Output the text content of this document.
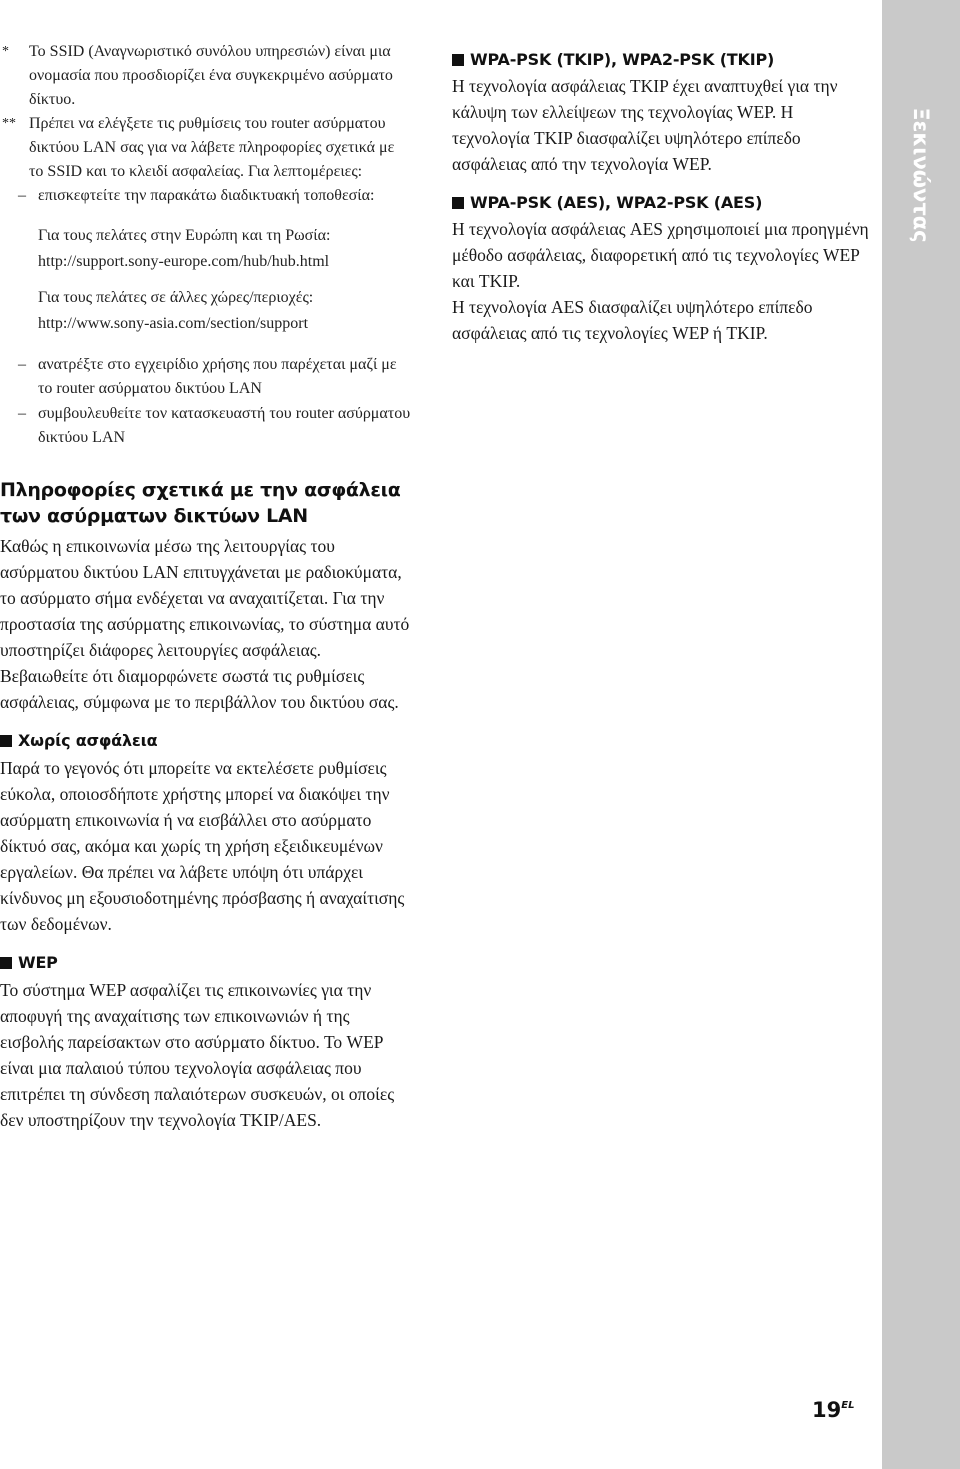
Ξεκινώντας
* Το SSID (Αναγνωριστικό συνόλου υπηρεσιών) είναι μια ονομασία που προσδιορίζει ένα συγκεκριμένο ασύρματο δίκτυο.
** Πρέπει να ελέγξετε τις ρυθμίσεις του router ασύρματου δικτύου LAN σας για να λάβετε πληροφορίες σχετικά με το SSID και το κλειδί ασφαλείας. Για λεπτομέρειες:
– επισκεφτείτε την παρακάτω διαδικτυακή τοποθεσία:
Για τους πελάτες στην Ευρώπη και τη Ρωσία:
http://support.sony-europe.com/hub/hub.html
Για τους πελάτες σε άλλες χώρες/περιοχές:
http://www.sony-asia.com/section/support
– ανατρέξτε στο εγχειρίδιο χρήσης που παρέχεται μαζί με το router ασύρματου δικτύου LAN
– συμβουλευθείτε τον κατασκευαστή του router ασύρματου δικτύου LAN
Πληροφορίες σχετικά με την ασφάλεια
των ασύρματων δικτύων LAN

Καθώς η επικοινωνία μέσω της λειτουργίας του ασύρματου δικτύου LAN επιτυγχάνεται με ραδιοκύματα, το ασύρματο σήμα ενδέχεται να αναχαιτίζεται. Για την προστασία της ασύρματης επικοινωνίας, το σύστημα αυτό υποστηρίζει διάφορες λειτουργίες ασφάλειας. Βεβαιωθείτε ότι διαμορφώνετε σωστά τις ρυθμίσεις ασφάλειας, σύμφωνα με το περιβάλλον του δικτύου σας.

Χωρίς ασφάλεια

Παρά το γεγονός ότι μπορείτε να εκτελέσετε ρυθμίσεις εύκολα, οποιοσδήποτε χρήστης μπορεί να διακόψει την ασύρματη επικοινωνία ή να εισβάλλει στο ασύρματο δίκτυό σας, ακόμα και χωρίς τη χρήση εξειδικευμένων εργαλείων. Θα πρέπει να λάβετε υπόψη ότι υπάρχει κίνδυνος μη εξουσιοδοτημένης πρόσβασης ή αναχαίτισης των δεδομένων.

WEP

Το σύστημα WEP ασφαλίζει τις επικοινωνίες για την αποφυγή της αναχαίτισης των επικοινωνιών ή της εισβολής παρείσακτων στο ασύρματο δίκτυο. Το WEP είναι μια παλαιού τύπου τεχνολογία ασφάλειας που επιτρέπει τη σύνδεση παλαιότερων συσκευών, οι οποίες δεν υποστηρίζουν την τεχνολογία TKIP/AES.

WPA-PSK (TKIP), WPA2-PSK (TKIP)

Η τεχνολογία ασφάλειας TKIP έχει αναπτυχθεί για την κάλυψη των ελλείψεων της τεχνολογίας WEP. Η τεχνολογία TKIP διασφαλίζει υψηλότερο επίπεδο ασφάλειας από την τεχνολογία WEP.

WPA-PSK (AES), WPA2-PSK (AES)

Η τεχνολογία ασφάλειας AES χρησιμοποιεί μια προηγμένη μέθοδο ασφάλειας, διαφορετική από τις τεχνολογίες WEP και TKIP.

Η τεχνολογία AES διασφαλίζει υψηλότερο επίπεδο ασφάλειας από τις τεχνολογίες WEP ή TKIP.

$19^{EL}$
